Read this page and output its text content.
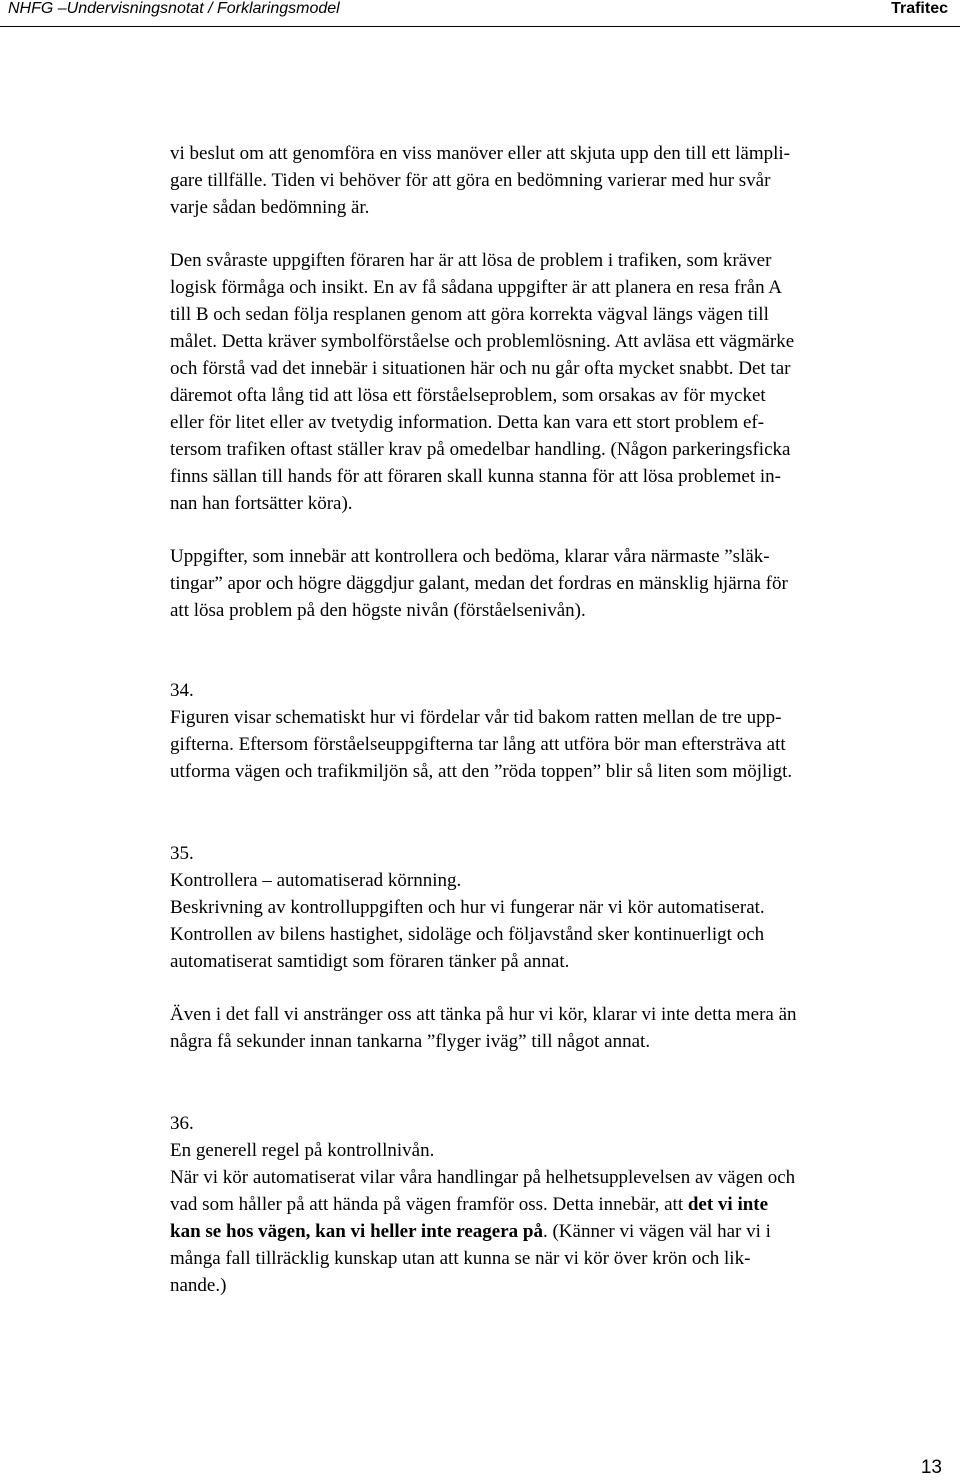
NHFG –Undervisningsnotat / Forklaringsmodel	Trafitec
vi beslut om att genomföra en viss manöver eller att skjuta upp den till ett lämpli-
gare tillfälle. Tiden vi behöver för att göra en bedömning varierar med hur svår
varje sådan bedömning är.
Den svåraste uppgiften föraren har är att lösa de problem i trafiken, som kräver
logisk förmåga och insikt. En av få sådana uppgifter är att planera en resa från A
till B och sedan följa resplanen genom att göra korrekta vägval längs vägen till
målet. Detta kräver symbolförståelse och problemlösning. Att avläsa ett vägmärke
och förstå vad det innebär i situationen här och nu går ofta mycket snabbt. Det tar
däremot ofta lång tid att lösa ett förståelseproblem, som orsakas av för mycket
eller för litet eller av tvetydig information. Detta kan vara ett stort problem ef-
tersom trafiken oftast ställer krav på omedelbar handling. (Någon parkeringsficka
finns sällan till hands för att föraren skall kunna stanna för att lösa problemet in-
nan han fortsätter köra).
Uppgifter, som innebär att kontrollera och bedöma, klarar våra närmaste ”släk-
tingar” apor och högre däggdjur galant, medan det fordras en mänsklig hjärna för
att lösa problem på den högste nivån (förståelsenivån).
34.
Figuren visar schematiskt hur vi fördelar vår tid bakom ratten mellan de tre upp-
gifterna. Eftersom förståelseuppgifterna tar lång att utföra bör man eftersträva att
utforma vägen och trafikmiljön så, att den ”röda toppen” blir så liten som möjligt.
35.
Kontrollera – automatiserad körnning.
Beskrivning av kontrolluppgiften och hur vi fungerar när vi kör automatiserat.
Kontrollen av bilens hastighet, sidoläge och följavstånd sker kontinuerligt och
automatiserat samtidigt som föraren tänker på annat.
Även i det fall vi anstränger oss att tänka på hur vi kör, klarar vi inte detta mera än
några få sekunder innan tankarna ”flyger iväg” till något annat.
36.
En generell regel på kontrollnivån.
När vi kör automatiserat vilar våra handlingar på helhetsupplevelsen av vägen och
vad som håller på att hända på vägen framför oss. Detta innebär, att det vi inte
kan se hos vägen, kan vi heller inte reagera på. (Känner vi vägen väl har vi i
många fall tillräcklig kunskap utan att kunna se när vi kör över krön och lik-
nande.)
13
